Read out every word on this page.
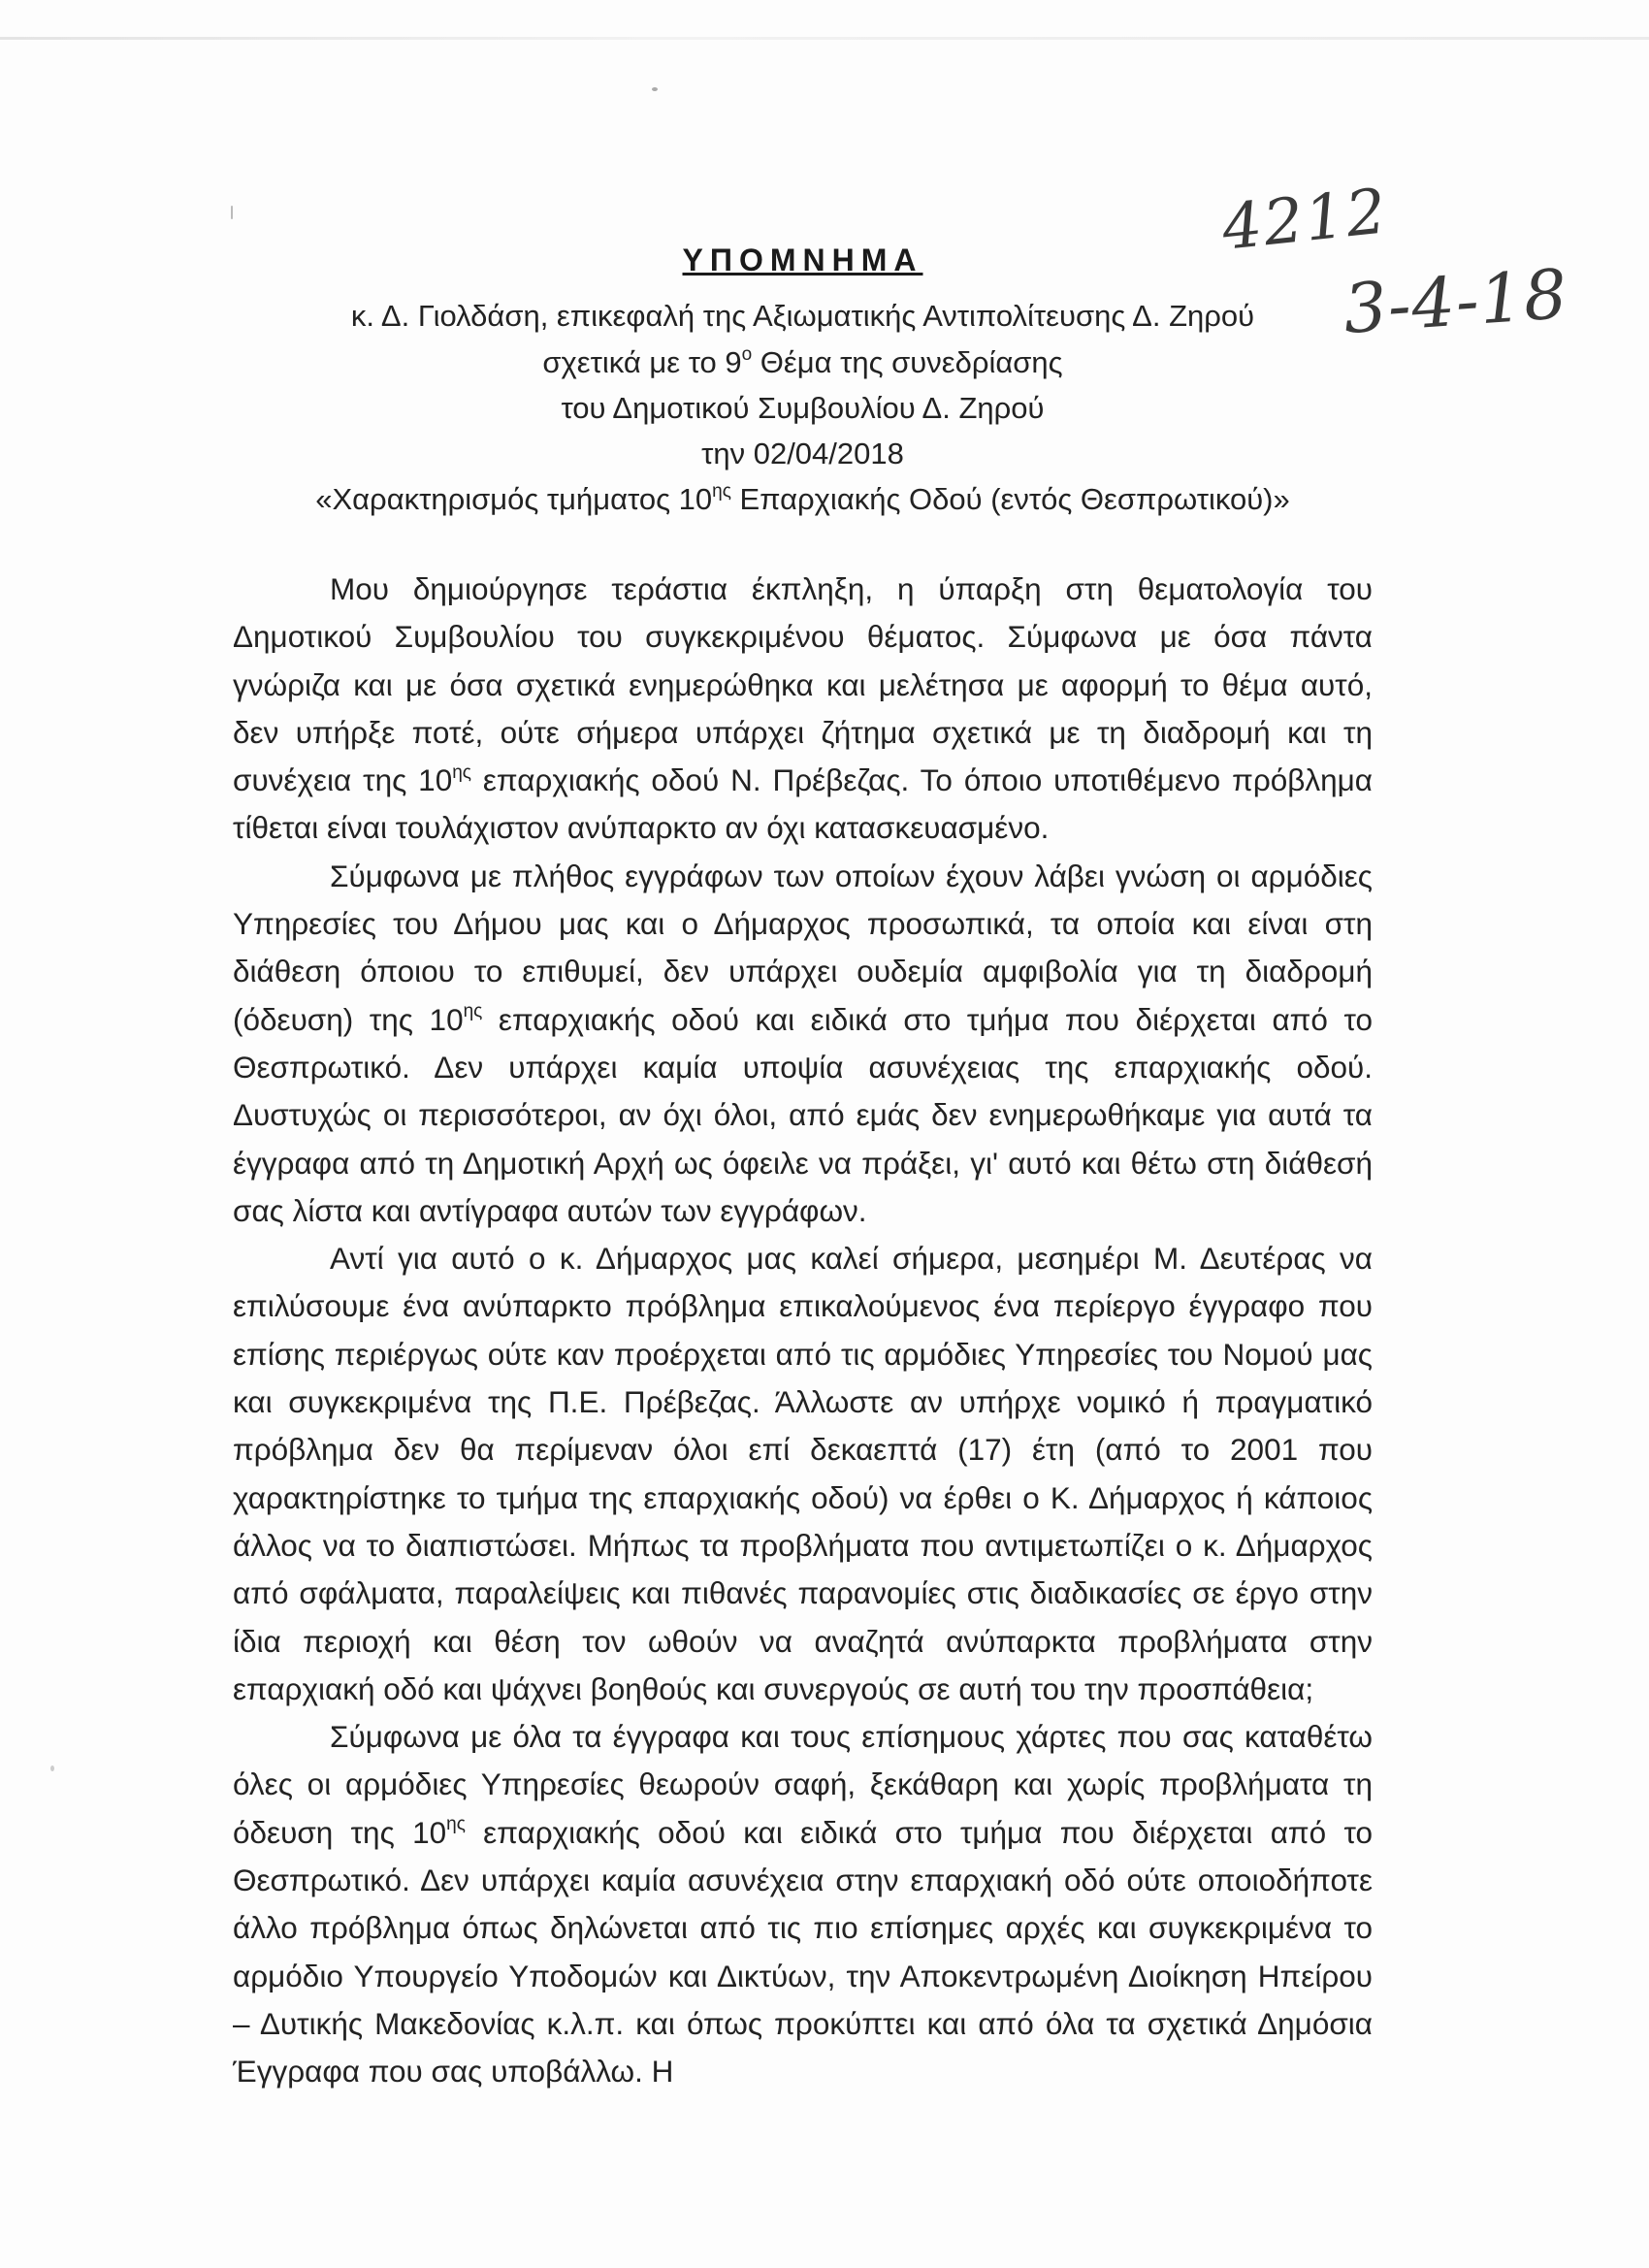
4212
3-4-18
ΥΠΟΜΝΗΜΑ
κ. Δ. Γιολδάση, επικεφαλή της Αξιωματικής Αντιπολίτευσης Δ. Ζηρού
σχετικά με το $9^o$ Θέμα της συνεδρίασης
του Δημοτικού Συμβουλίου Δ. Ζηρού
την 02/04/2018
«Χαρακτηρισμός τμήματος $10^{\eta\varsigma}$ Επαρχιακής Οδού (εντός Θεσπρωτικού)»

Μου δημιούργησε τεράστια έκπληξη, η ύπαρξη στη θεματολογία του Δημοτικού Συμβουλίου του συγκεκριμένου θέματος. Σύμφωνα με όσα πάντα γνώριζα και με όσα σχετικά ενημερώθηκα και μελέτησα με αφορμή το θέμα αυτό, δεν υπήρξε ποτέ, ούτε σήμερα υπάρχει ζήτημα σχετικά με τη διαδρομή και τη συνέχεια της $10^{\eta\varsigma}$ επαρχιακής οδού Ν. Πρέβεζας. Το όποιο υποτιθέμενο πρόβλημα τίθεται είναι τουλάχιστον ανύπαρκτο αν όχι κατασκευασμένο.

Σύμφωνα με πλήθος εγγράφων των οποίων έχουν λάβει γνώση οι αρμόδιες Υπηρεσίες του Δήμου μας και ο Δήμαρχος προσωπικά, τα οποία και είναι στη διάθεση όποιου το επιθυμεί, δεν υπάρχει ουδεμία αμφιβολία για τη διαδρομή (όδευση) της $10^{\eta\varsigma}$ επαρχιακής οδού και ειδικά στο τμήμα που διέρχεται από το Θεσπρωτικό. Δεν υπάρχει καμία υποψία ασυνέχειας της επαρχιακής οδού. Δυστυχώς οι περισσότεροι, αν όχι όλοι, από εμάς δεν ενημερωθήκαμε για αυτά τα έγγραφα από τη Δημοτική Αρχή ως όφειλε να πράξει, γι' αυτό και θέτω στη διάθεσή σας λίστα και αντίγραφα αυτών των εγγράφων.

Αντί για αυτό ο κ. Δήμαρχος μας καλεί σήμερα, μεσημέρι Μ. Δευτέρας να επιλύσουμε ένα ανύπαρκτο πρόβλημα επικαλούμενος ένα περίεργο έγγραφο που επίσης περιέργως ούτε καν προέρχεται από τις αρμόδιες Υπηρεσίες του Νομού μας και συγκεκριμένα της Π.Ε. Πρέβεζας. Άλλωστε αν υπήρχε νομικό ή πραγματικό πρόβλημα δεν θα περίμεναν όλοι επί δεκαεπτά (17) έτη (από το 2001 που χαρακτηρίστηκε το τμήμα της επαρχιακής οδού) να έρθει ο Κ. Δήμαρχος ή κάποιος άλλος να το διαπιστώσει. Μήπως τα προβλήματα που αντιμετωπίζει ο κ. Δήμαρχος από σφάλματα, παραλείψεις και πιθανές παρανομίες στις διαδικασίες σε έργο στην ίδια περιοχή και θέση τον ωθούν να αναζητά ανύπαρκτα προβλήματα στην επαρχιακή οδό και ψάχνει βοηθούς και συνεργούς σε αυτή του την προσπάθεια;

Σύμφωνα με όλα τα έγγραφα και τους επίσημους χάρτες που σας καταθέτω όλες οι αρμόδιες Υπηρεσίες θεωρούν σαφή, ξεκάθαρη και χωρίς προβλήματα τη όδευση της $10^{\eta\varsigma}$ επαρχιακής οδού και ειδικά στο τμήμα που διέρχεται από το Θεσπρωτικό. Δεν υπάρχει καμία ασυνέχεια στην επαρχιακή οδό ούτε οποιοδήποτε άλλο πρόβλημα όπως δηλώνεται από τις πιο επίσημες αρχές και συγκεκριμένα το αρμόδιο Υπουργείο Υποδομών και Δικτύων, την Αποκεντρωμένη Διοίκηση Ηπείρου – Δυτικής Μακεδονίας κ.λ.π. και όπως προκύπτει και από όλα τα σχετικά Δημόσια Έγγραφα που σας υποβάλλω. Η
